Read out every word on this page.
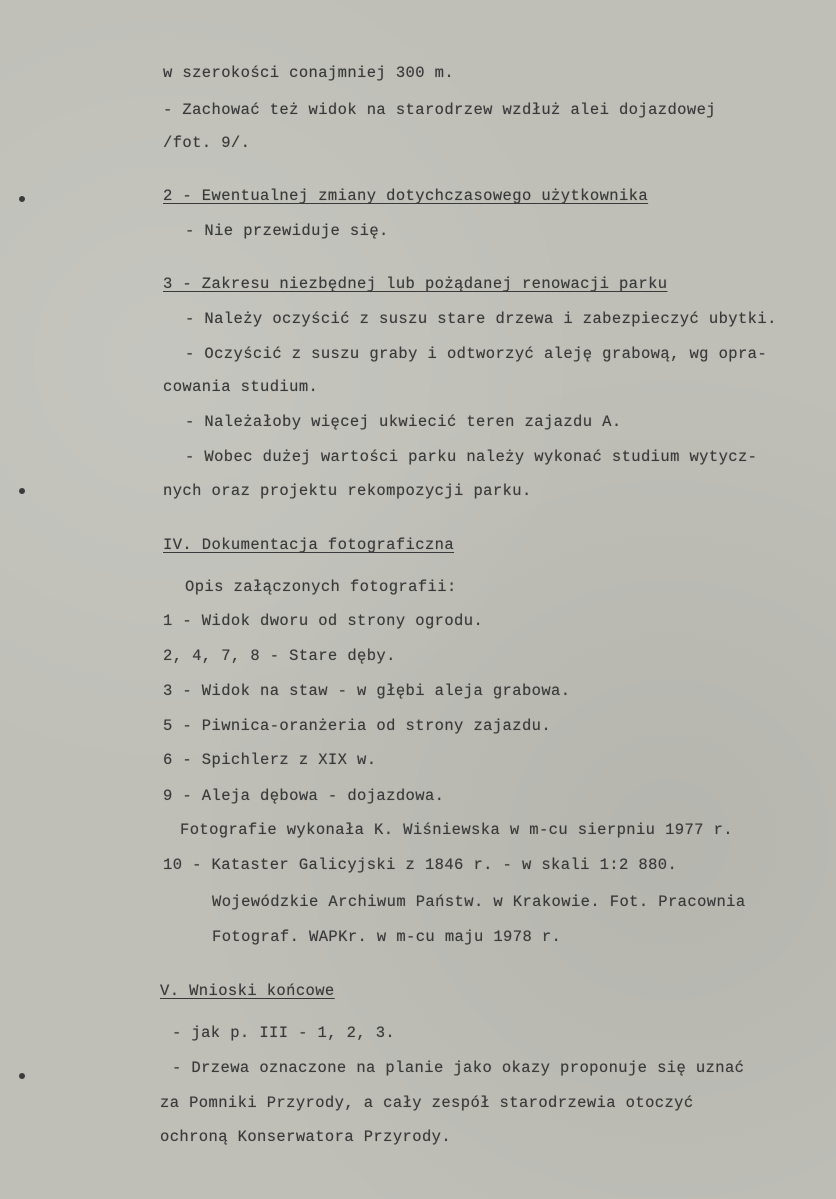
w szerokości conajmniej 300 m.
- Zachować też widok na starodrzew wzdłuż alei dojazdowej
/fot. 9/.
2 - Ewentualnej zmiany dotychczasowego użytkownika
- Nie przewiduje się.
3 - Zakresu niezbędnej lub pożądanej renowacji parku
- Należy oczyścić z suszu stare drzewa i zabezpieczyć ubytki.
- Oczyścić z suszu graby i odtworzyć aleję grabową, wg opra-
cowania studium.
- Należałoby więcej ukwiecić teren zajazdu A.
- Wobec dużej wartości parku należy wykonać studium wytycz-
nych oraz projektu rekompozycji parku.
IV. Dokumentacja fotograficzna
Opis załączonych fotografii:
1 - Widok dworu od strony ogrodu.
2, 4, 7, 8 - Stare dęby.
3 - Widok na staw - w głębi aleja grabowa.
5 - Piwnica-oranżeria od strony zajazdu.
6 - Spichlerz z XIX w.
9 - Aleja dębowa - dojazdowa.
Fotografie wykonała K. Wiśniewska w m-cu sierpniu 1977 r.
10 - Kataster Galicyjski z 1846 r. - w skali 1:2 880.
Wojewódzkie Archiwum Państw. w Krakowie. Fot. Pracownia
Fotograf. WAPKr. w m-cu maju 1978 r.
V. Wnioski końcowe
- jak p. III - 1, 2, 3.
- Drzewa oznaczone na planie jako okazy proponuje się uznać
za Pomniki Przyrody, a cały zespół starodrzewia otoczyć
ochroną Konserwatora Przyrody.
